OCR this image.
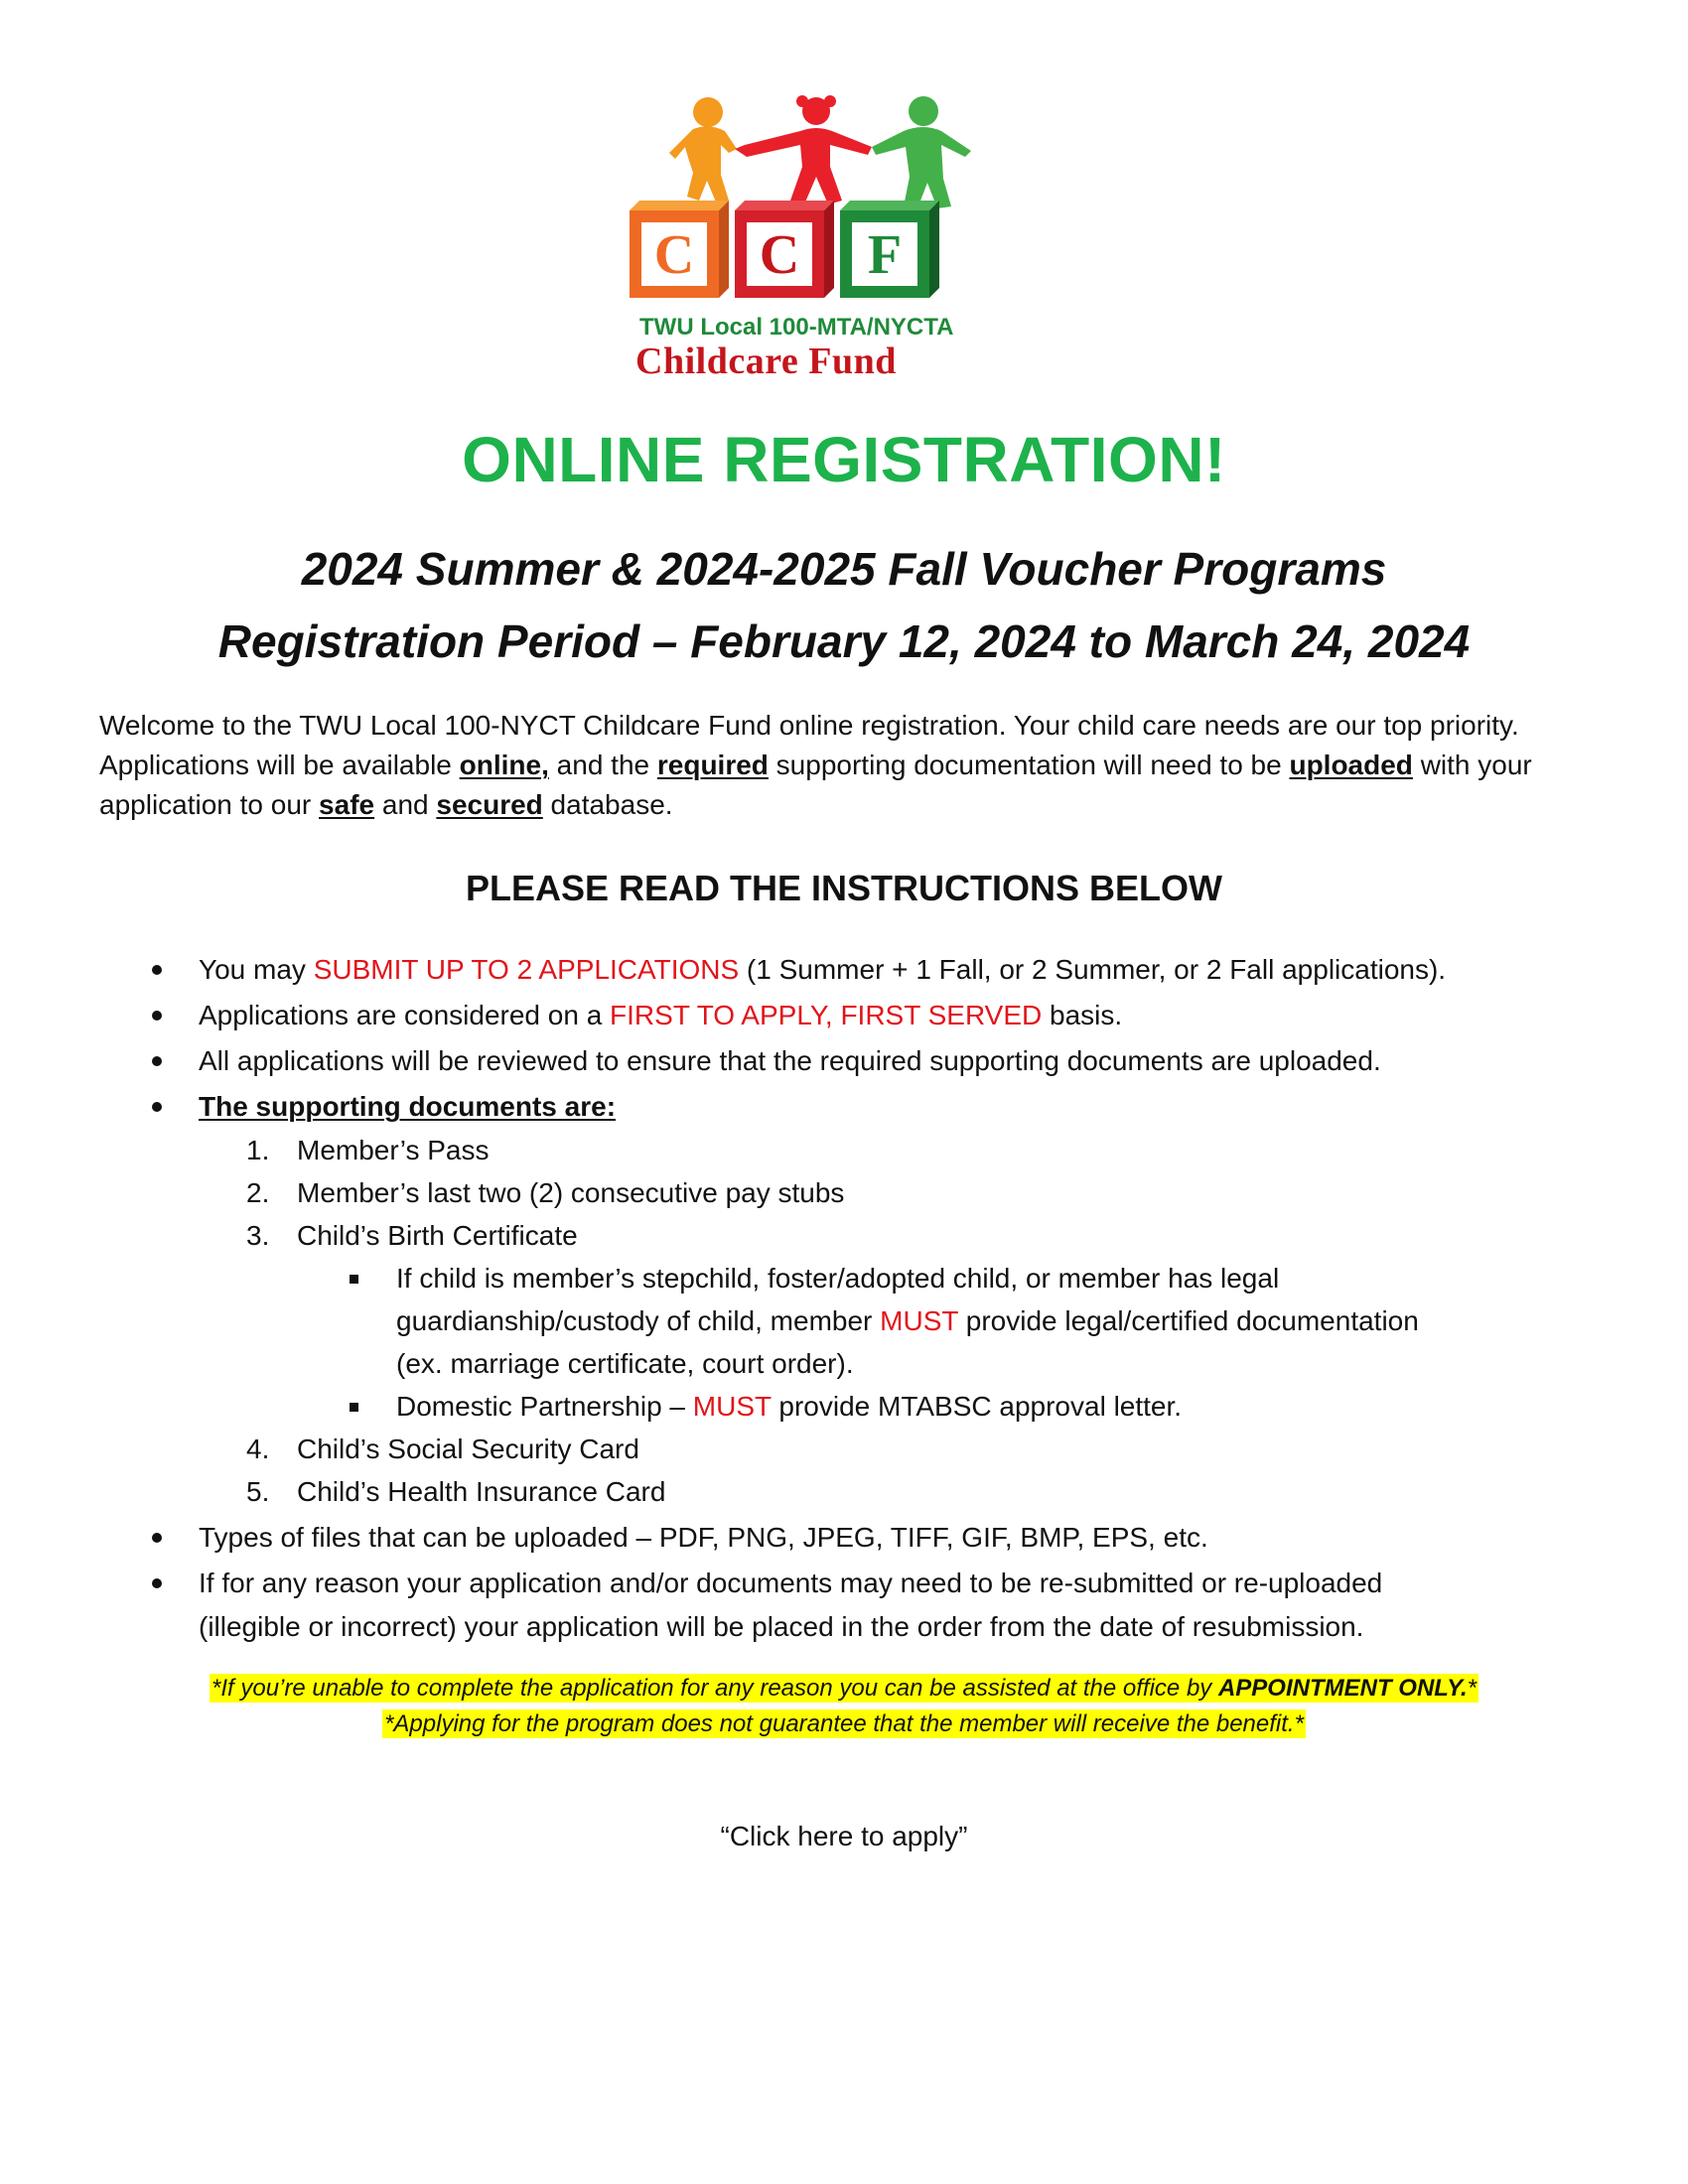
C C F
TWU Local 100-MTA/NYCTA
Childcare Fund
ONLINE REGISTRATION!
2024 Summer & 2024-2025 Fall Voucher Programs
Registration Period – February 12, 2024 to March 24, 2024
Welcome to the TWU Local 100-NYCT Childcare Fund online registration. Your child care needs are our top priority. Applications will be available online, and the required supporting documentation will need to be uploaded with your application to our safe and secured database.
PLEASE READ THE INSTRUCTIONS BELOW
You may SUBMIT UP TO 2 APPLICATIONS (1 Summer + 1 Fall, or 2 Summer, or 2 Fall applications).
Applications are considered on a FIRST TO APPLY, FIRST SERVED basis.
All applications will be reviewed to ensure that the required supporting documents are uploaded.
The supporting documents are:
1. Member’s Pass
2. Member’s last two (2) consecutive pay stubs
3. Child’s Birth Certificate
If child is member’s stepchild, foster/adopted child, or member has legal
guardianship/custody of child, member MUST provide legal/certified documentation
(ex. marriage certificate, court order).
Domestic Partnership – MUST provide MTABSC approval letter.
4. Child’s Social Security Card
5. Child’s Health Insurance Card
Types of files that can be uploaded – PDF, PNG, JPEG, TIFF, GIF, BMP, EPS, etc.
If for any reason your application and/or documents may need to be re-submitted or re-uploaded
(illegible or incorrect) your application will be placed in the order from the date of resubmission.
*If you’re unable to complete the application for any reason you can be assisted at the office by APPOINTMENT ONLY.*
*Applying for the program does not guarantee that the member will receive the benefit.*
“Click here to apply”
